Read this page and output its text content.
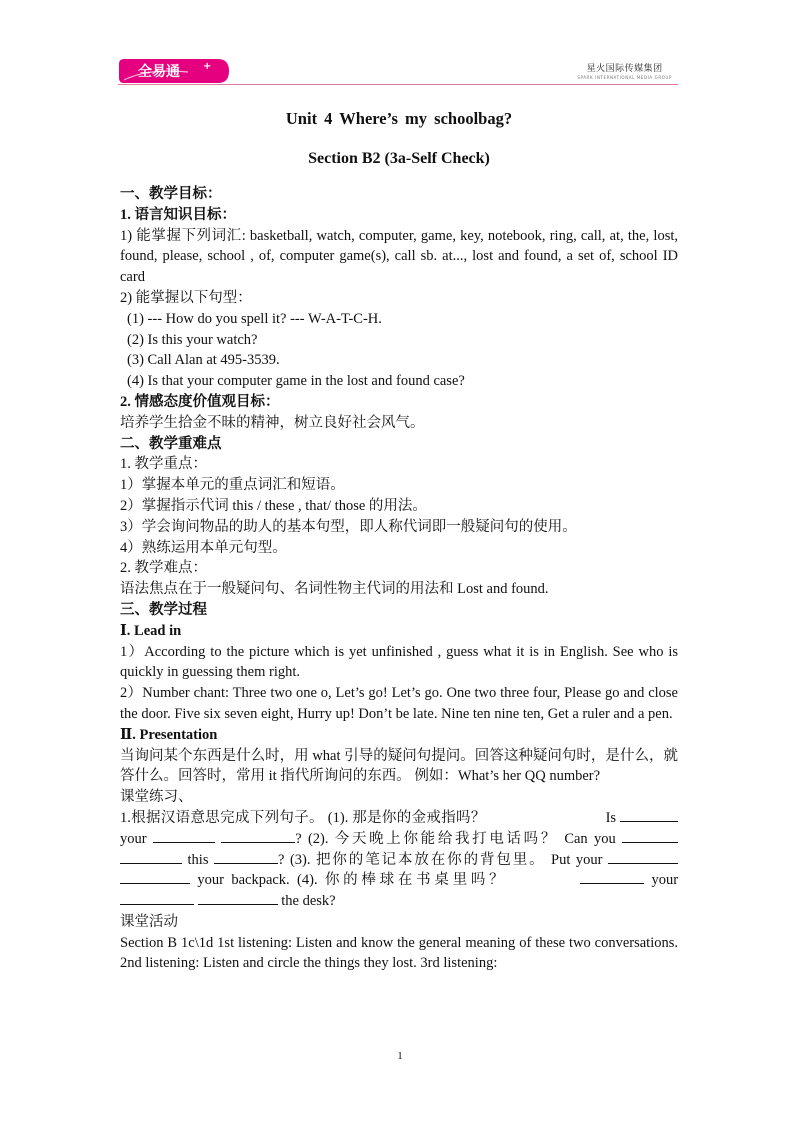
全易通 +	星火国际传媒集团
SPARK INTERNATIONAL MEDIA GROUP
Unit 4 Where’s my schoolbag?
Section B2 (3a-Self Check)
一、教学目标：
1. 语言知识目标：
1) 能掌握下列词汇: basketball, watch, computer, game, key, notebook, ring, call, at, the, lost, found, please, school , of, computer game(s), call sb. at..., lost and found, a set of, school ID card
2) 能掌握以下句型：
(1) --- How do you spell it? --- W-A-T-C-H.
(2) Is this your watch?
(3) Call Alan at 495-3539.
(4) Is that your computer game in the lost and found case?
2. 情感态度价值观目标：
培养学生拾金不昧的精神，树立良好社会风气。
二、教学重难点
1. 教学重点：
1）掌握本单元的重点词汇和短语。
2）掌握指示代词 this / these , that/ those 的用法。
3）学会询问物品的助人的基本句型，即人称代词即一般疑问句的使用。
4）熟练运用本单元句型。
2. 教学难点：
语法焦点在于一般疑问句、名词性物主代词的用法和 Lost and found.
三、教学过程
Ⅰ. Lead in
1）According to the picture which is yet unfinished , guess what it is in English. See who is quickly in guessing them right.
2）Number chant: Three two one o, Let’s go! Let’s go. One two three four, Please go and close the door. Five six seven eight, Hurry up! Don’t be late. Nine ten nine ten, Get a ruler and a pen.
Ⅱ. Presentation
当询问某个东西是什么时，用 what 引导的疑问句提问。回答这种疑问句时，是什么，就答什么。回答时，常用 it 指代所询问的东西。 例如：What’s her QQ number?
课堂练习、
1.根据汉语意思完成下列句子。 (1). 那是你的金戒指吗？	Is  your	? (2). 今天晚上你能给我打电话吗？ Can you   this	? (3). 把你的笔记本放在你的背包里。 Put your   your backpack. (4). 你的棒球在书桌里吗？	your   the desk?
课堂活动
Section B 1c\1d 1st listening: Listen and know the general meaning of these two conversations. 2nd listening: Listen and circle the things they lost. 3rd listening:
1
